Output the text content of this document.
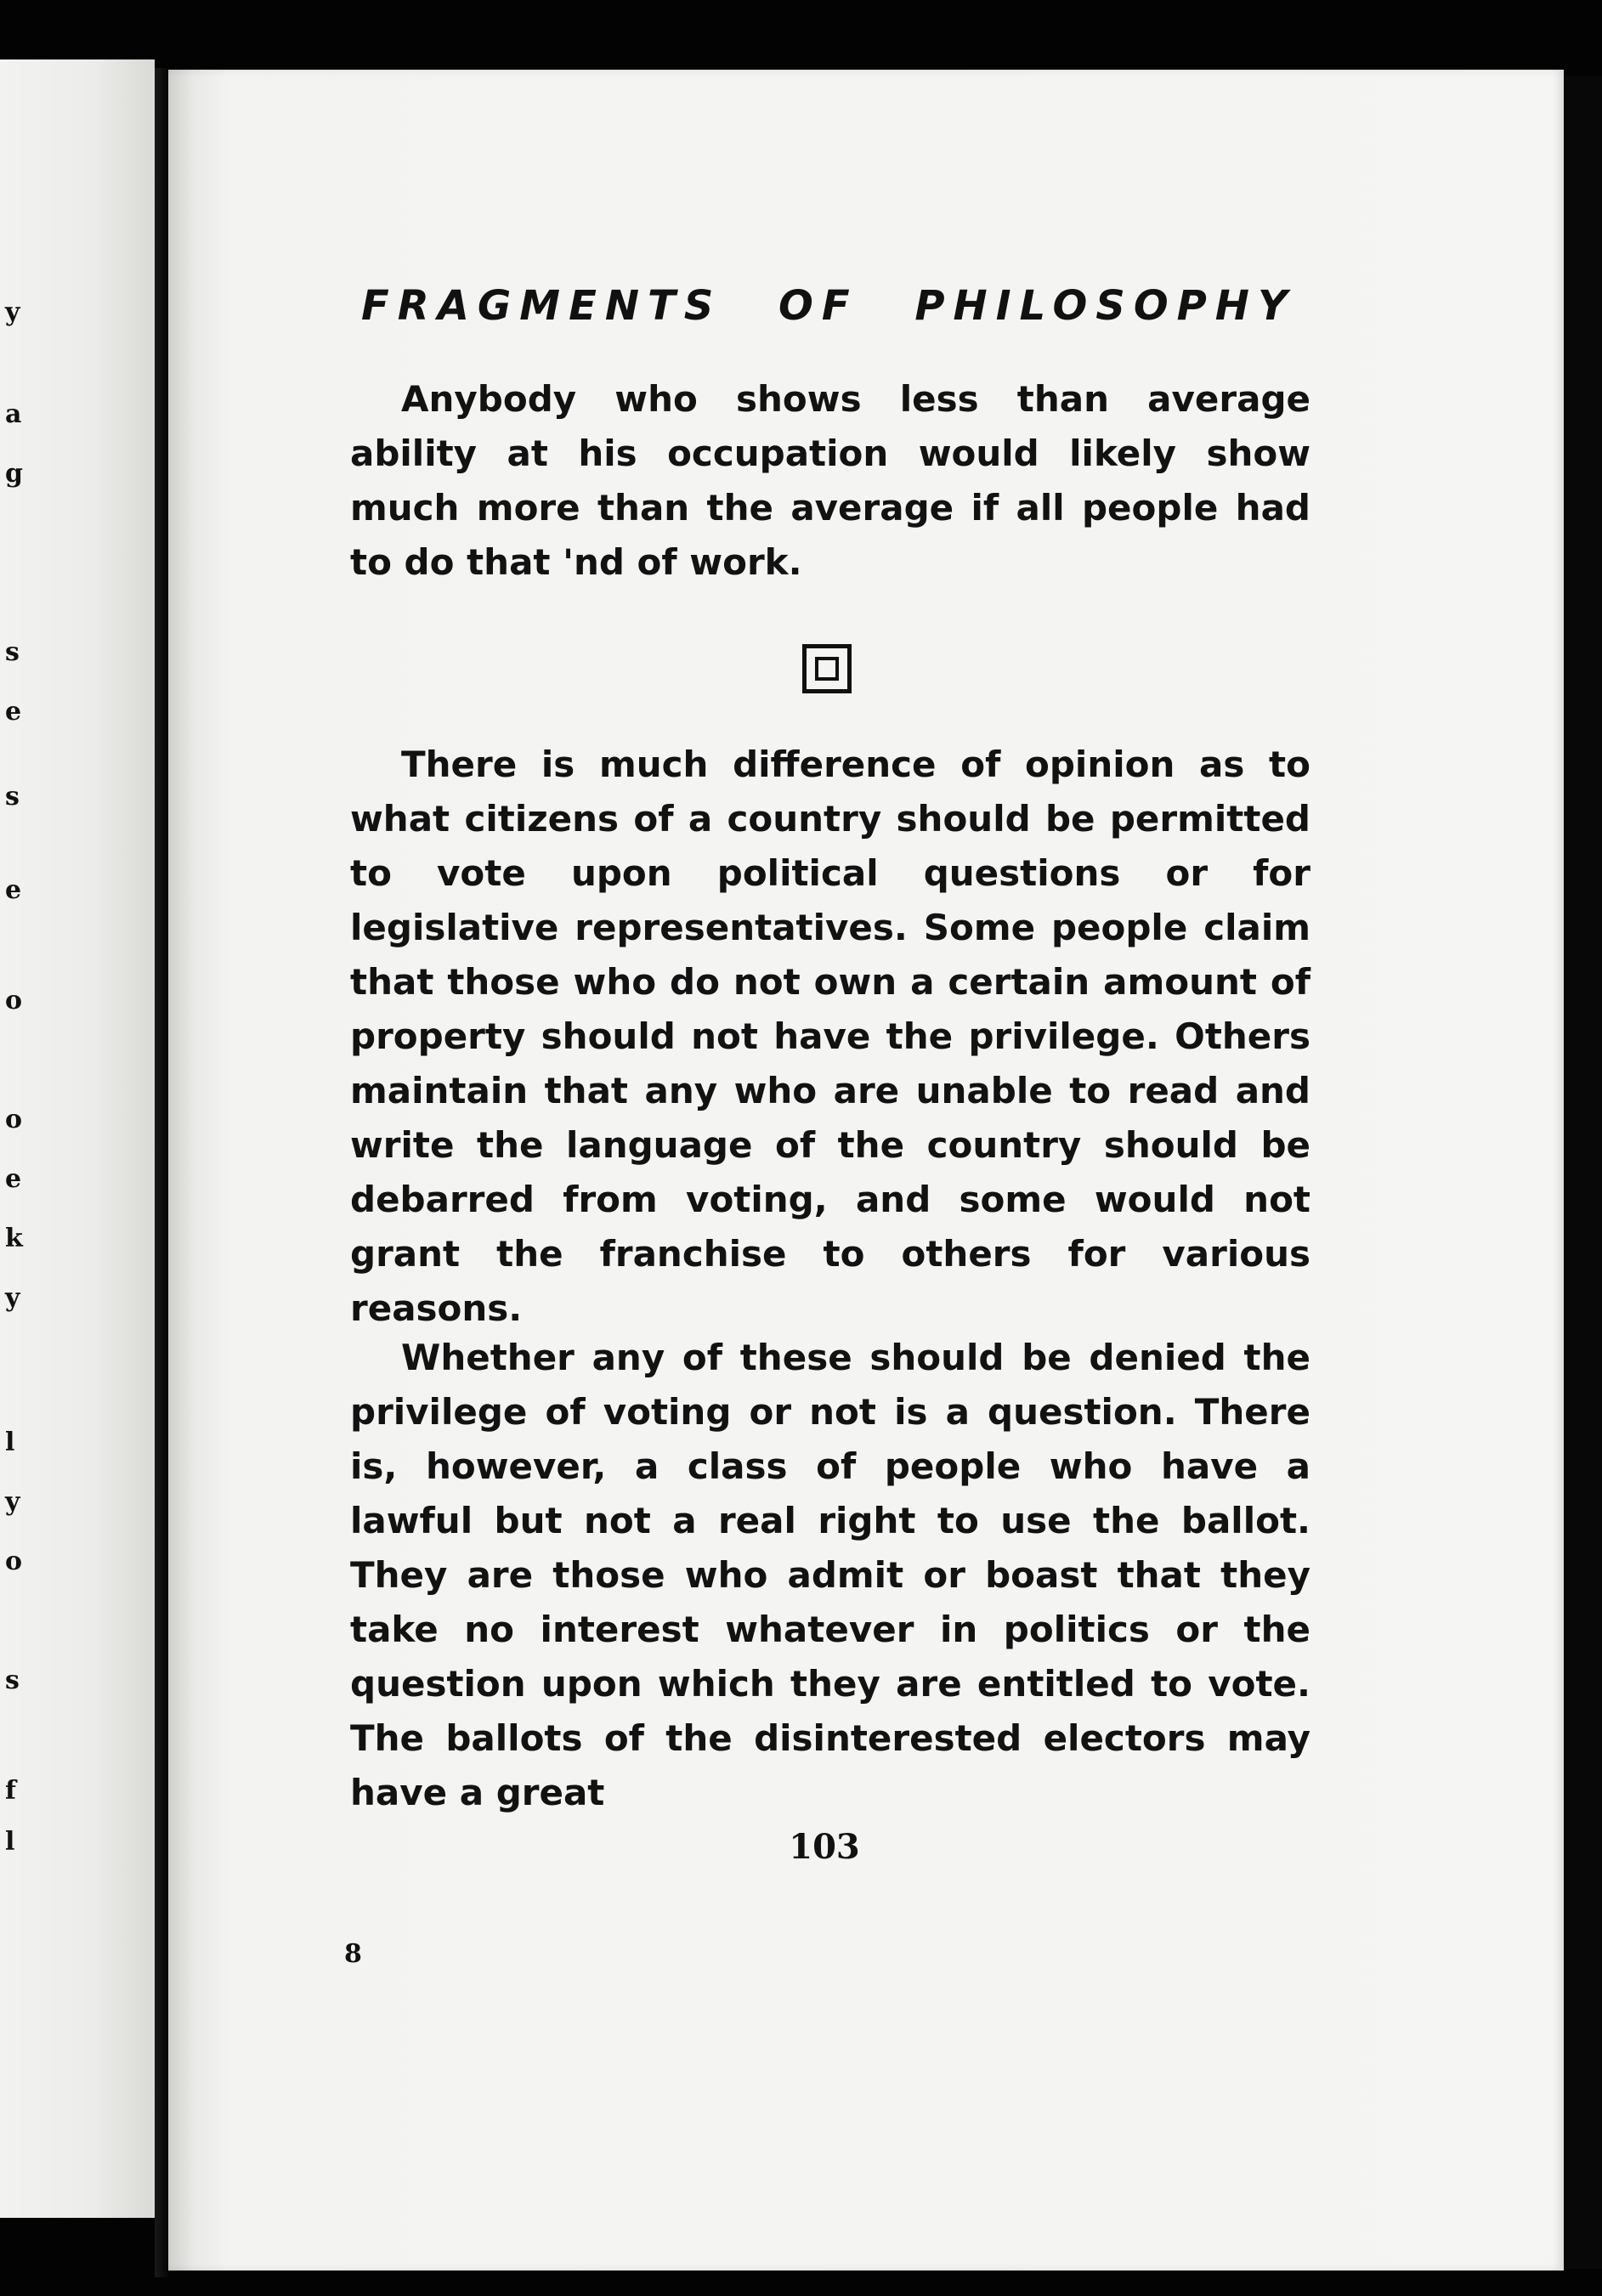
y
a
g
s
e
s
e
o
o
e
k
y
l
y
o
s
f
l
FRAGMENTS OF PHILOSOPHY

Anybody who shows less than average ability at his occupation would likely show much more than the average if all people had to do that 'nd of work.

There is much difference of opinion as to what citizens of a country should be permitted to vote upon political questions or for legislative representatives. Some people claim that those who do not own a certain amount of property should not have the privilege. Others maintain that any who are unable to read and write the language of the country should be debarred from voting, and some would not grant the franchise to others for various reasons.

Whether any of these should be denied the privilege of voting or not is a question. There is, however, a class of people who have a lawful but not a real right to use the ballot. They are those who admit or boast that they take no interest whatever in politics or the question upon which they are entitled to vote. The ballots of the disinterested electors may have a great

103

8
